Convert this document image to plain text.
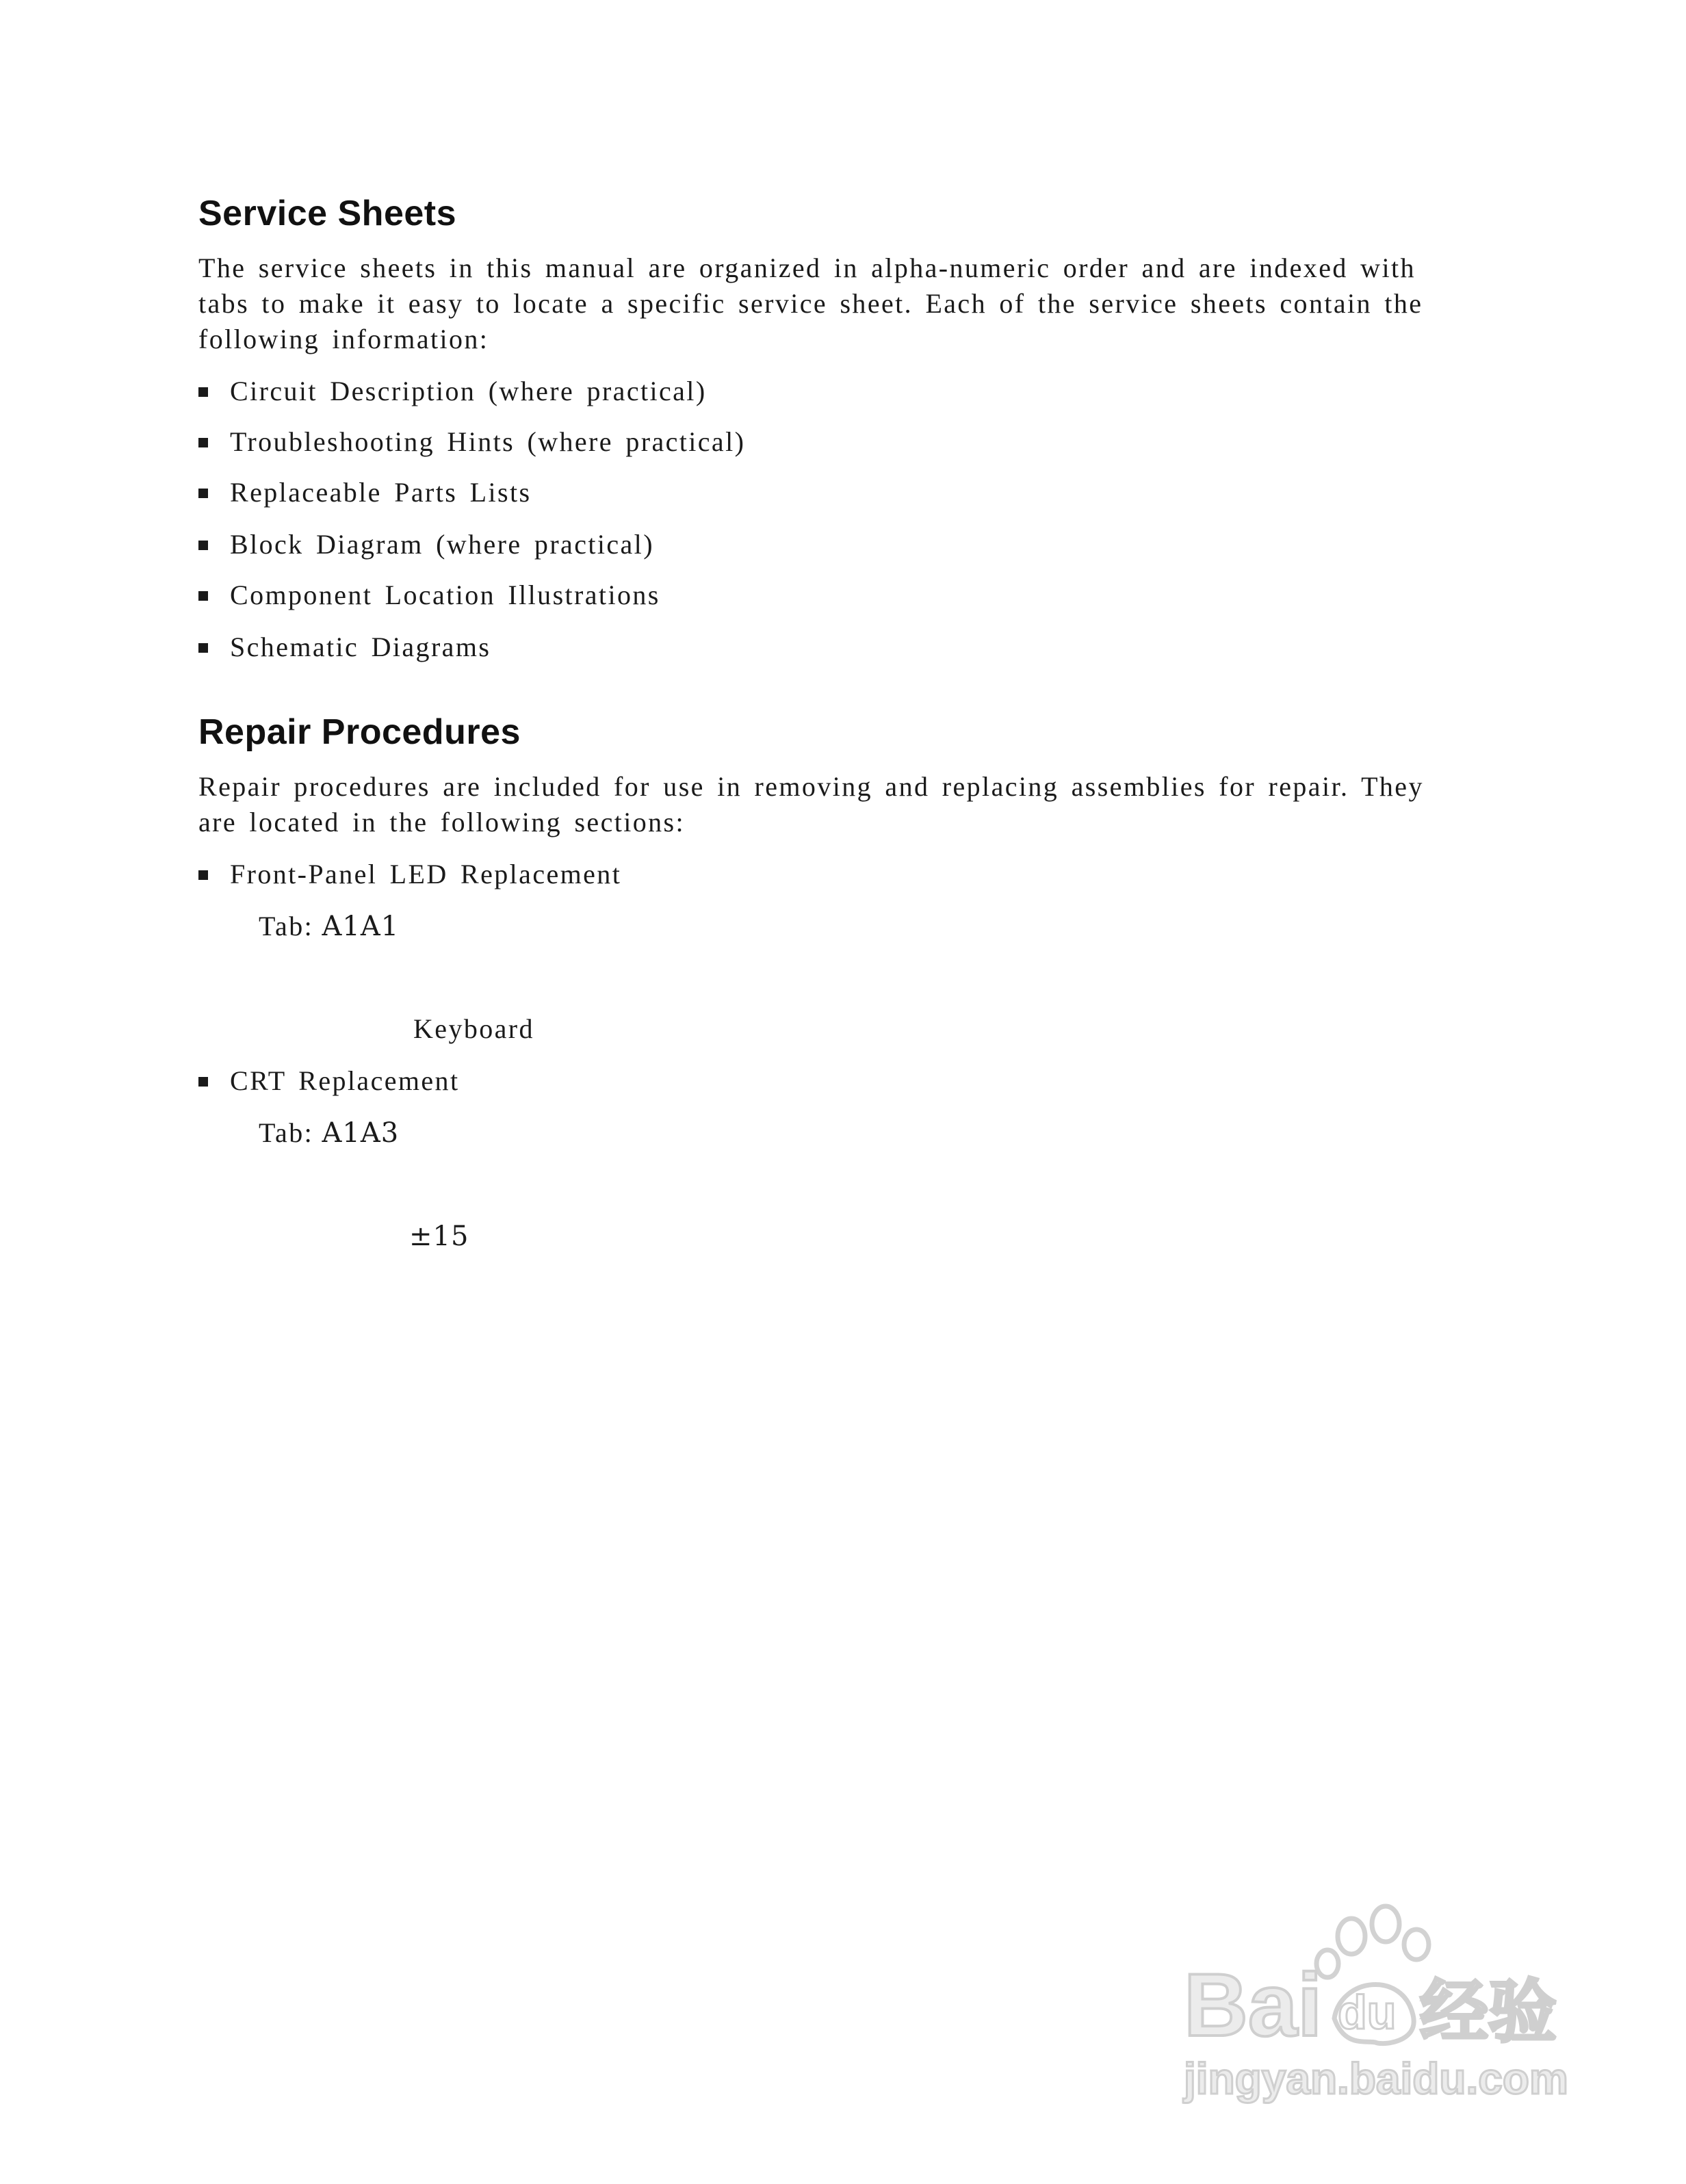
Service Sheets

The service sheets in this manual are organized in alpha-numeric order and are indexed with
tabs to make it easy to locate a specific service sheet. Each of the service sheets contain the
following information:

Circuit Description (where practical)
Troubleshooting Hints (where practical)
Replaceable Parts Lists
Block Diagram (where practical)
Component Location Illustrations
Schematic Diagrams
Repair Procedures

Repair procedures are included for use in removing and replacing assemblies for repair. They
are located in the following sections:

Front-Panel LED Replacement
Tab: A1A1
Keyboard
CRT Replacement
Tab: A1A3
±15
Bai du 经验
jingyan.baidu.com
